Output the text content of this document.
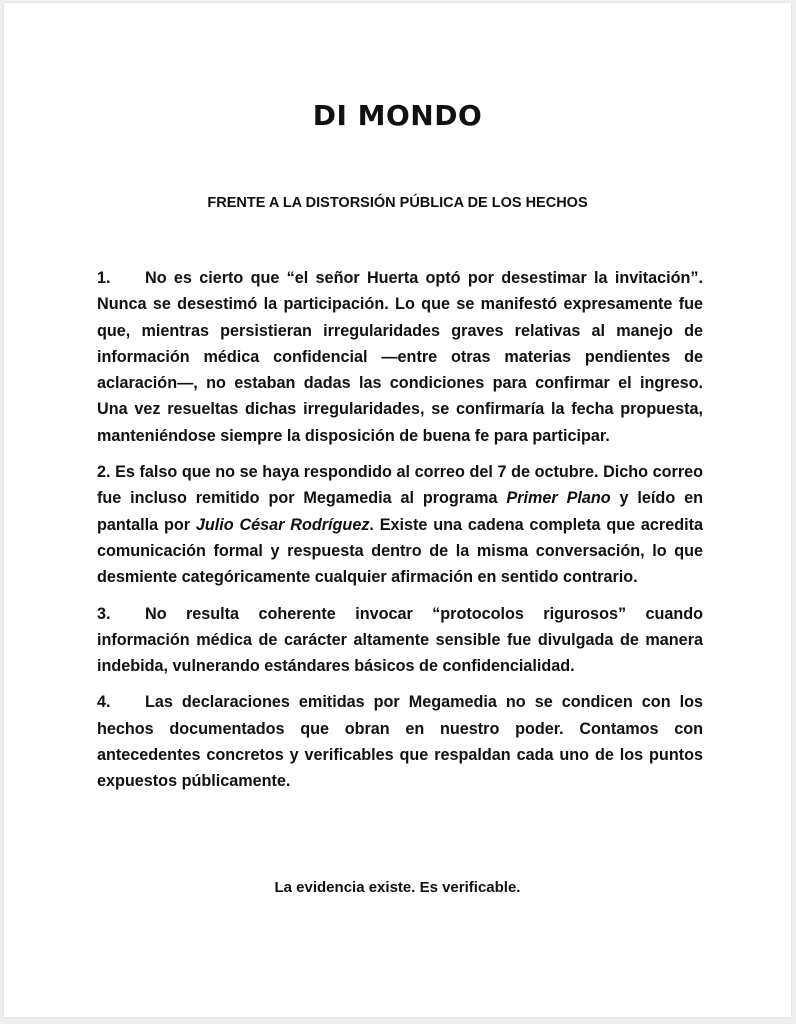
DI MONDO
FRENTE A LA DISTORSIÓN PÚBLICA DE LOS HECHOS

1. No es cierto que “el señor Huerta optó por desestimar la invitación”. Nunca se desestimó la participación. Lo que se manifestó expresamente fue que, mientras persistieran irregularidades graves relativas al manejo de información médica confidencial —entre otras materias pendientes de aclaración—, no estaban dadas las condiciones para confirmar el ingreso. Una vez resueltas dichas irregularidades, se confirmaría la fecha propuesta, manteniéndose siempre la disposición de buena fe para participar.

2. Es falso que no se haya respondido al correo del 7 de octubre. Dicho correo fue incluso remitido por Megamedia al programa Primer Plano y leído en pantalla por Julio César Rodríguez. Existe una cadena completa que acredita comunicación formal y respuesta dentro de la misma conversación, lo que desmiente categóricamente cualquier afirmación en sentido contrario.

3. No resulta coherente invocar “protocolos rigurosos” cuando información médica de carácter altamente sensible fue divulgada de manera indebida, vulnerando estándares básicos de confidencialidad.

4. Las declaraciones emitidas por Megamedia no se condicen con los hechos documentados que obran en nuestro poder. Contamos con antecedentes concretos y verificables que respaldan cada uno de los puntos expuestos públicamente.

La evidencia existe. Es verificable.
